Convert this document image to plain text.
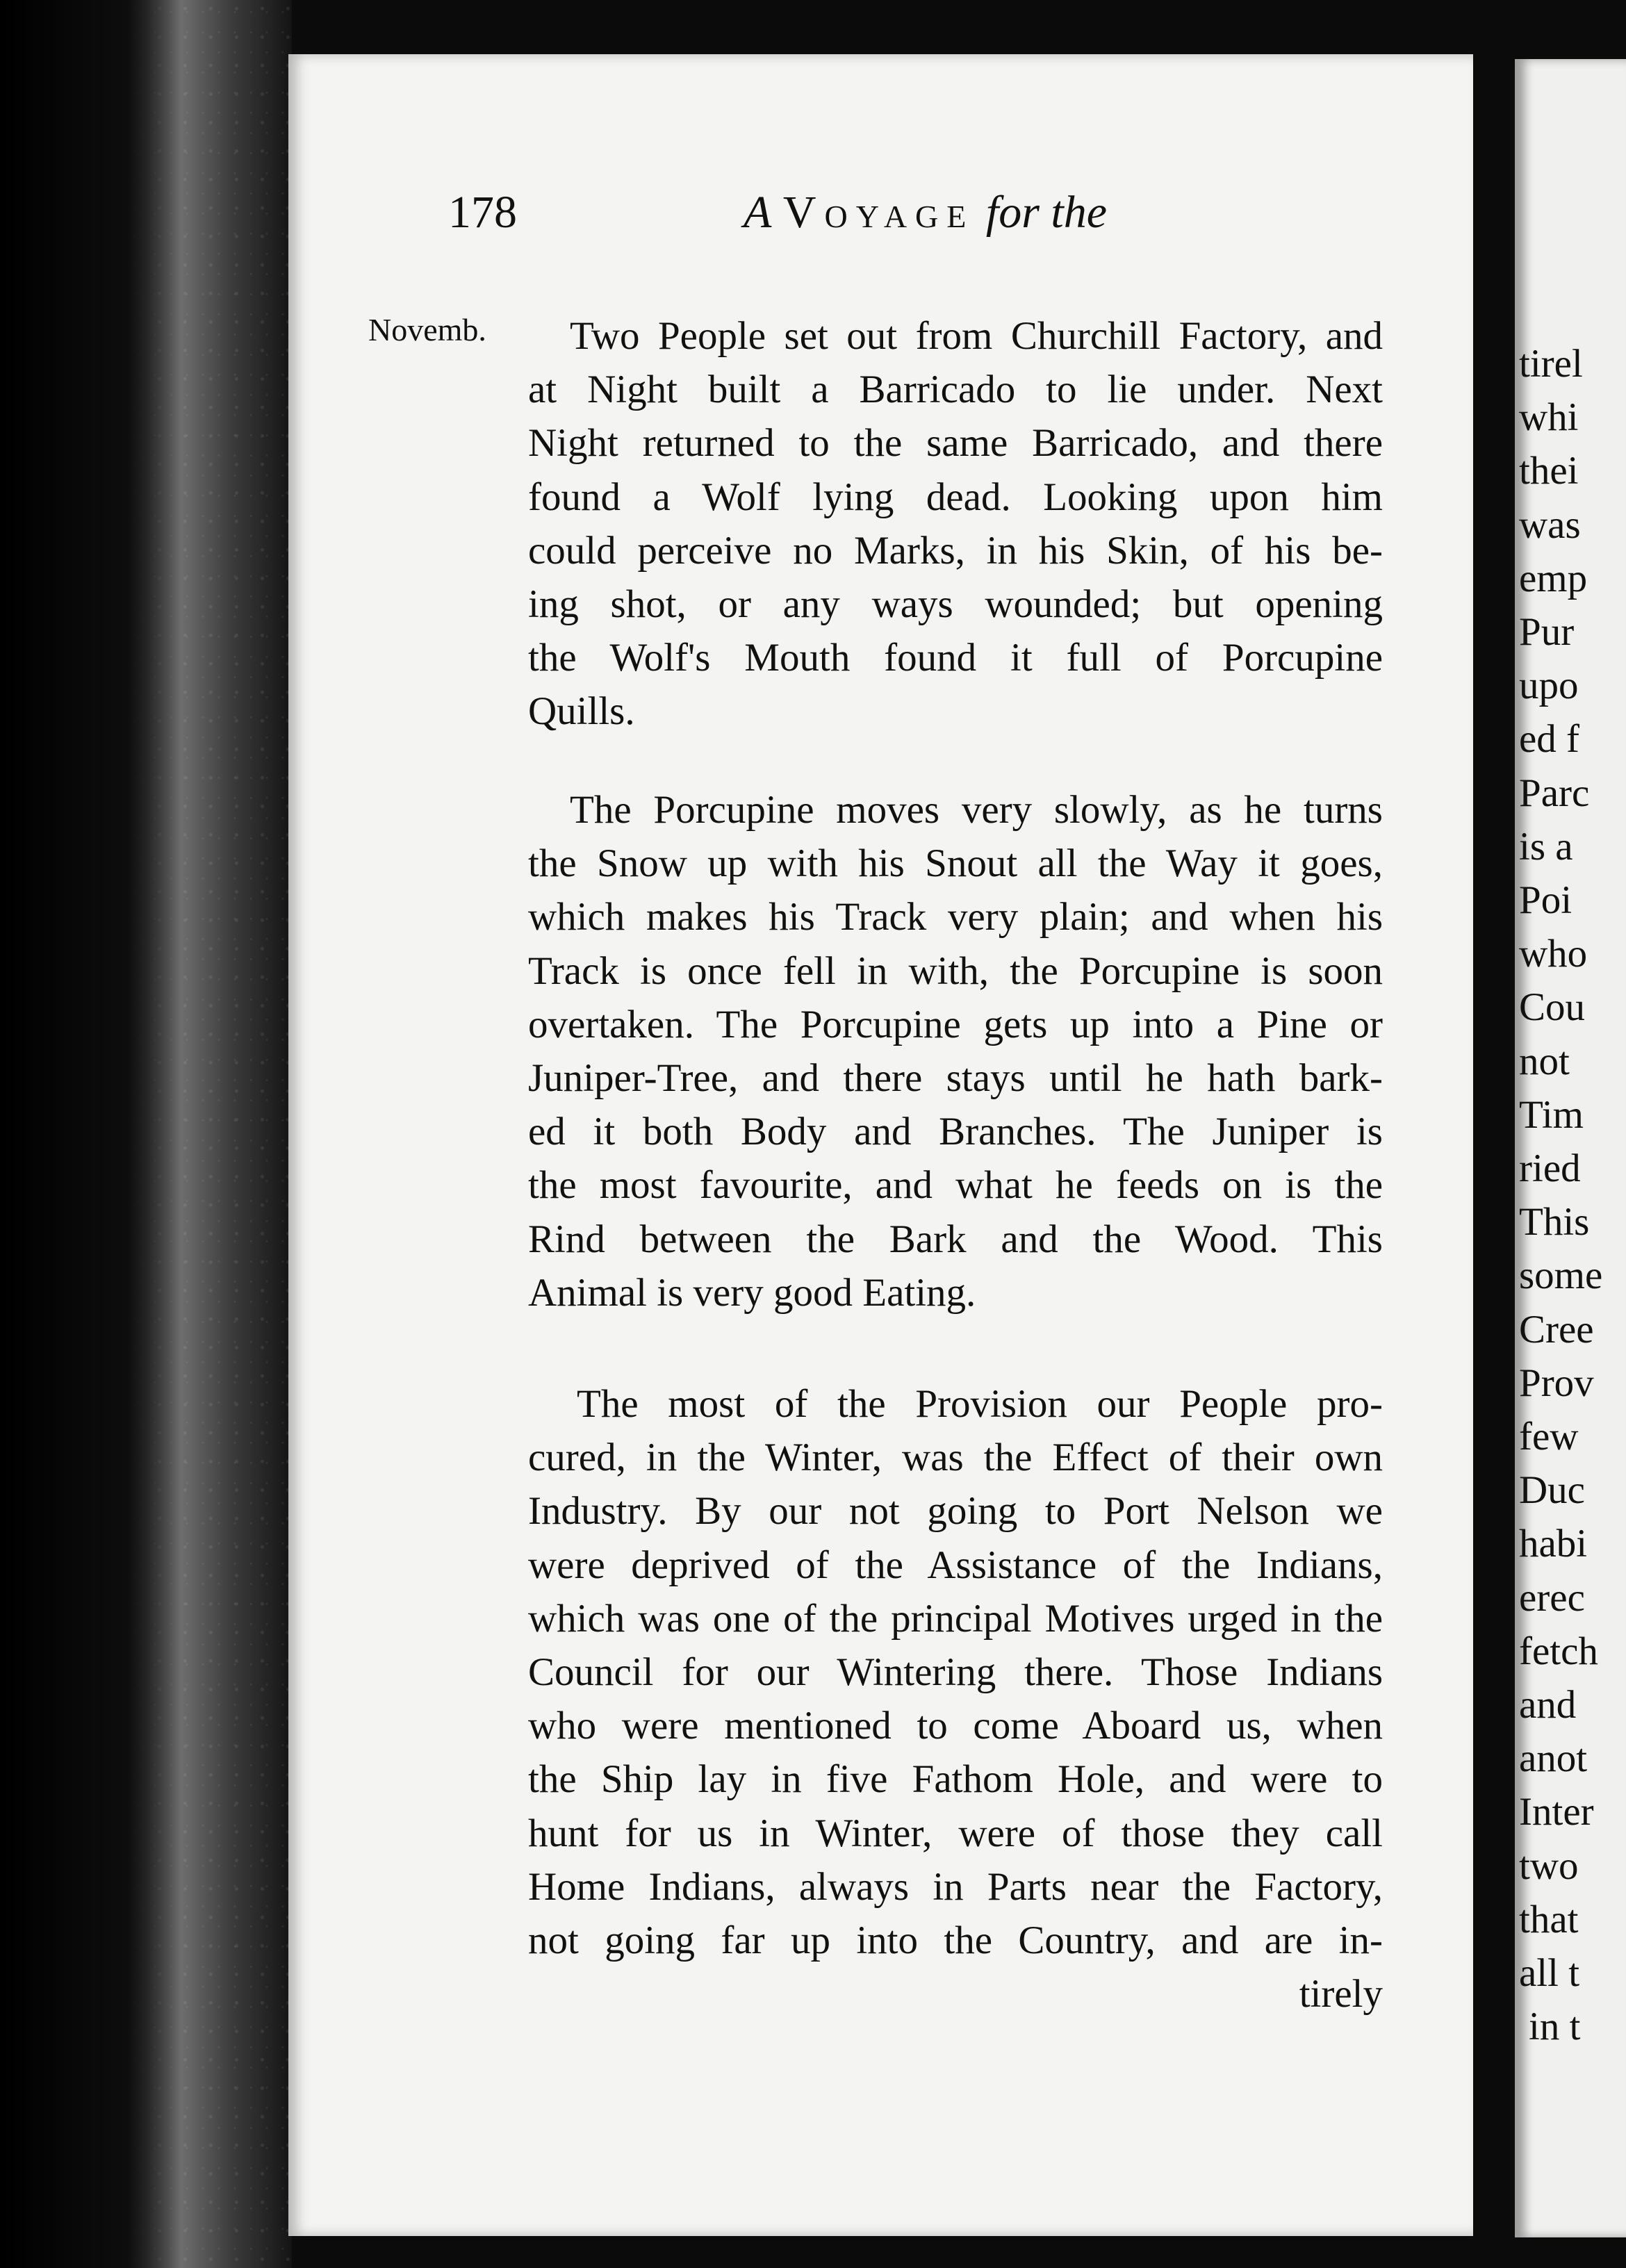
178	A Voyage for the
Novemb.	Two People set out from Churchill Factory, and
at Night built a Barricado to lie under. Next
Night returned to the same Barricado, and there
found a Wolf lying dead. Looking upon him
could perceive no Marks, in his Skin, of his be-
ing shot, or any ways wounded; but opening
the Wolf's Mouth found it full of Porcupine
Quills.
The Porcupine moves very slowly, as he turns
the Snow up with his Snout all the Way it goes,
which makes his Track very plain; and when his
Track is once fell in with, the Porcupine is soon
overtaken. The Porcupine gets up into a Pine or
Juniper-Tree, and there stays until he hath bark-
ed it both Body and Branches. The Juniper is
the most favourite, and what he feeds on is the
Rind between the Bark and the Wood. This
Animal is very good Eating.
The most of the Provision our People pro-
cured, in the Winter, was the Effect of their own
Industry. By our not going to Port Nelson we
were deprived of the Assistance of the Indians,
which was one of the principal Motives urged in the
Council for our Wintering there. Those Indians
who were mentioned to come Aboard us, when
the Ship lay in five Fathom Hole, and were to
hunt for us in Winter, were of those they call
Home Indians, always in Parts near the Factory,
not going far up into the Country, and are in-
tirely
tirel
whi
thei
was
emp
Pur
upo
ed f
Parc
is a
Poi
who
Cou
not
Tim
ried
This
some
Cree
Prov
few
Duc
habi
erec
fetch
and
anot
Inter
two
that
all t
in t
